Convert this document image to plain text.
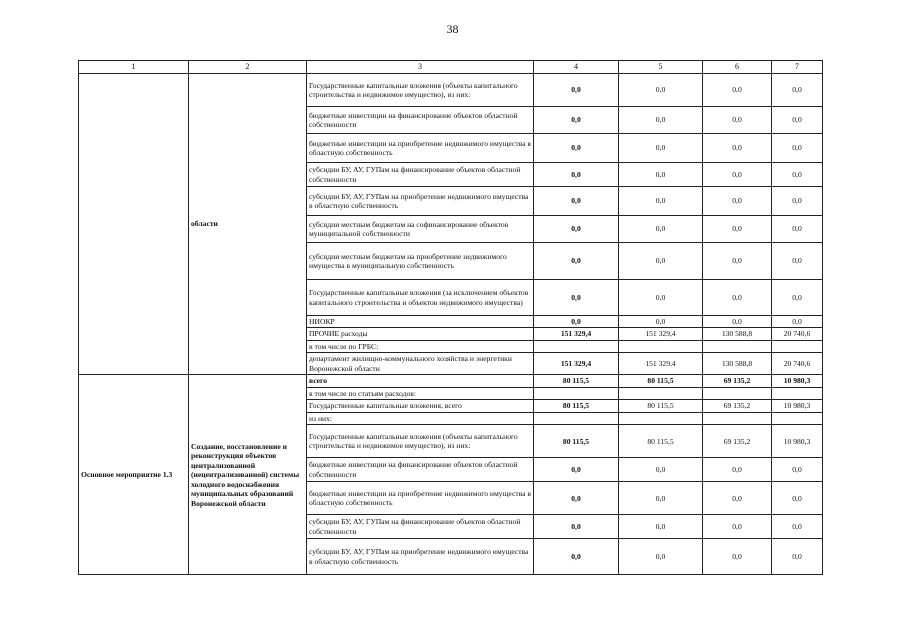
38
1	2	3	4	5	6	7
	области	Государственные капитальные вложения (объекты капитального строительства и недвижимое имущество), из них:	0,0	0,0	0,0	0,0
		бюджетные инвестиции на финансирование объектов областной собственности	0,0	0,0	0,0	0,0
		бюджетные инвестиции на приобретение недвижимого имущества в областную собственность	0,0	0,0	0,0	0,0
		субсидии БУ, АУ, ГУПам на финансирование объектов областной собственности	0,0	0,0	0,0	0,0
		субсидии БУ, АУ, ГУПам на приобретение недвижимого имущества в областную собственность	0,0	0,0	0,0	0,0
		субсидии местным бюджетам на софинансирование объектов муниципальной собственности	0,0	0,0	0,0	0,0
		субсидии местным бюджетам на приобретение недвижимого имущества в муниципальную собственность	0,0	0,0	0,0	0,0
		Государственные капитальные вложения (за исключением объектов капитального строительства и объектов недвижимого имущества)	0,0	0,0	0,0	0,0
		НИОКР	0,0	0,0	0,0	0,0
		ПРОЧИЕ расходы	151 329,4	151 329,4	130 588,8	20 740,6
		в том числе по ГРБС:				
		департамент жилищно-коммунального хозяйства и энергетики Воронежской области	151 329,4	151 329,4	130 588,8	20 740,6
Основное мероприятие 1.3	Создание, восстановление и реконструкция объектов централизованной (нецентрализованной) системы холодного водоснабжения муниципальных образований Воронежской области	всего	80 115,5	80 115,5	69 135,2	10 980,3
		в том числе по статьям расходов:				
		Государственные капитальные вложения, всего	80 115,5	80 115,5	69 135,2	10 980,3
		из них:				
		Государственные капитальные вложения (объекты капитального строительства и недвижимое имущество), из них:	80 115,5	80 115,5	69 135,2	10 980,3
		бюджетные инвестиции на финансирование объектов областной собственности	0,0	0,0	0,0	0,0
		бюджетные инвестиции на приобретение недвижимого имущества в областную собственность	0,0	0,0	0,0	0,0
		субсидии БУ, АУ, ГУПам на финансирование объектов областной собственности	0,0	0,0	0,0	0,0
		субсидии БУ, АУ, ГУПам на приобретение недвижимого имущества в областную собственность	0,0	0,0	0,0	0,0
